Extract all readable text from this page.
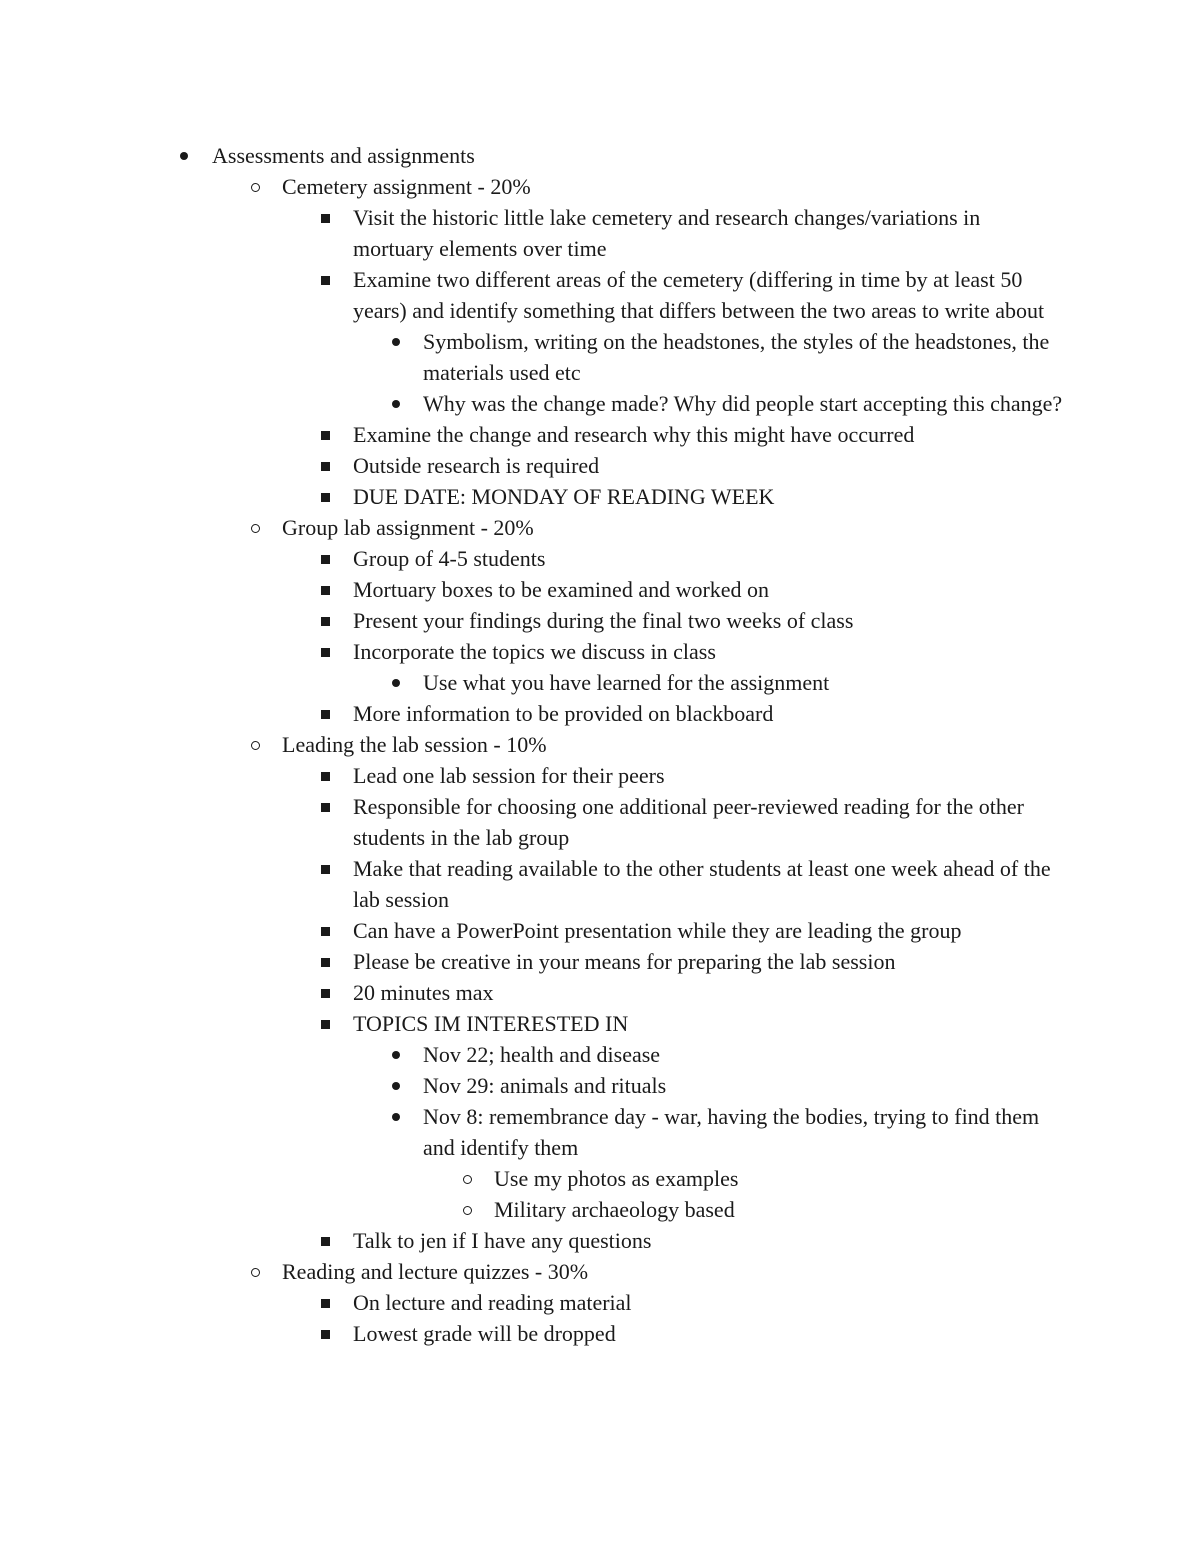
Assessments and assignments
Cemetery assignment - 20%
Visit the historic little lake cemetery and research changes/variations in mortuary elements over time
Examine two different areas of the cemetery (differing in time by at least 50 years) and identify something that differs between the two areas to write about
Symbolism, writing on the headstones, the styles of the headstones, the materials used etc
Why was the change made? Why did people start accepting this change?
Examine the change and research why this might have occurred
Outside research is required
DUE DATE: MONDAY OF READING WEEK
Group lab assignment - 20%
Group of 4-5 students
Mortuary boxes to be examined and worked on
Present your findings during the final two weeks of class
Incorporate the topics we discuss in class
Use what you have learned for the assignment
More information to be provided on blackboard
Leading the lab session - 10%
Lead one lab session for their peers
Responsible for choosing one additional peer-reviewed reading for the other students in the lab group
Make that reading available to the other students at least one week ahead of the lab session
Can have a PowerPoint presentation while they are leading the group
Please be creative in your means for preparing the lab session
20 minutes max
TOPICS IM INTERESTED IN
Nov 22; health and disease
Nov 29: animals and rituals
Nov 8: remembrance day - war, having the bodies, trying to find them and identify them
Use my photos as examples
Military archaeology based
Talk to jen if I have any questions
Reading and lecture quizzes - 30%
On lecture and reading material
Lowest grade will be dropped
